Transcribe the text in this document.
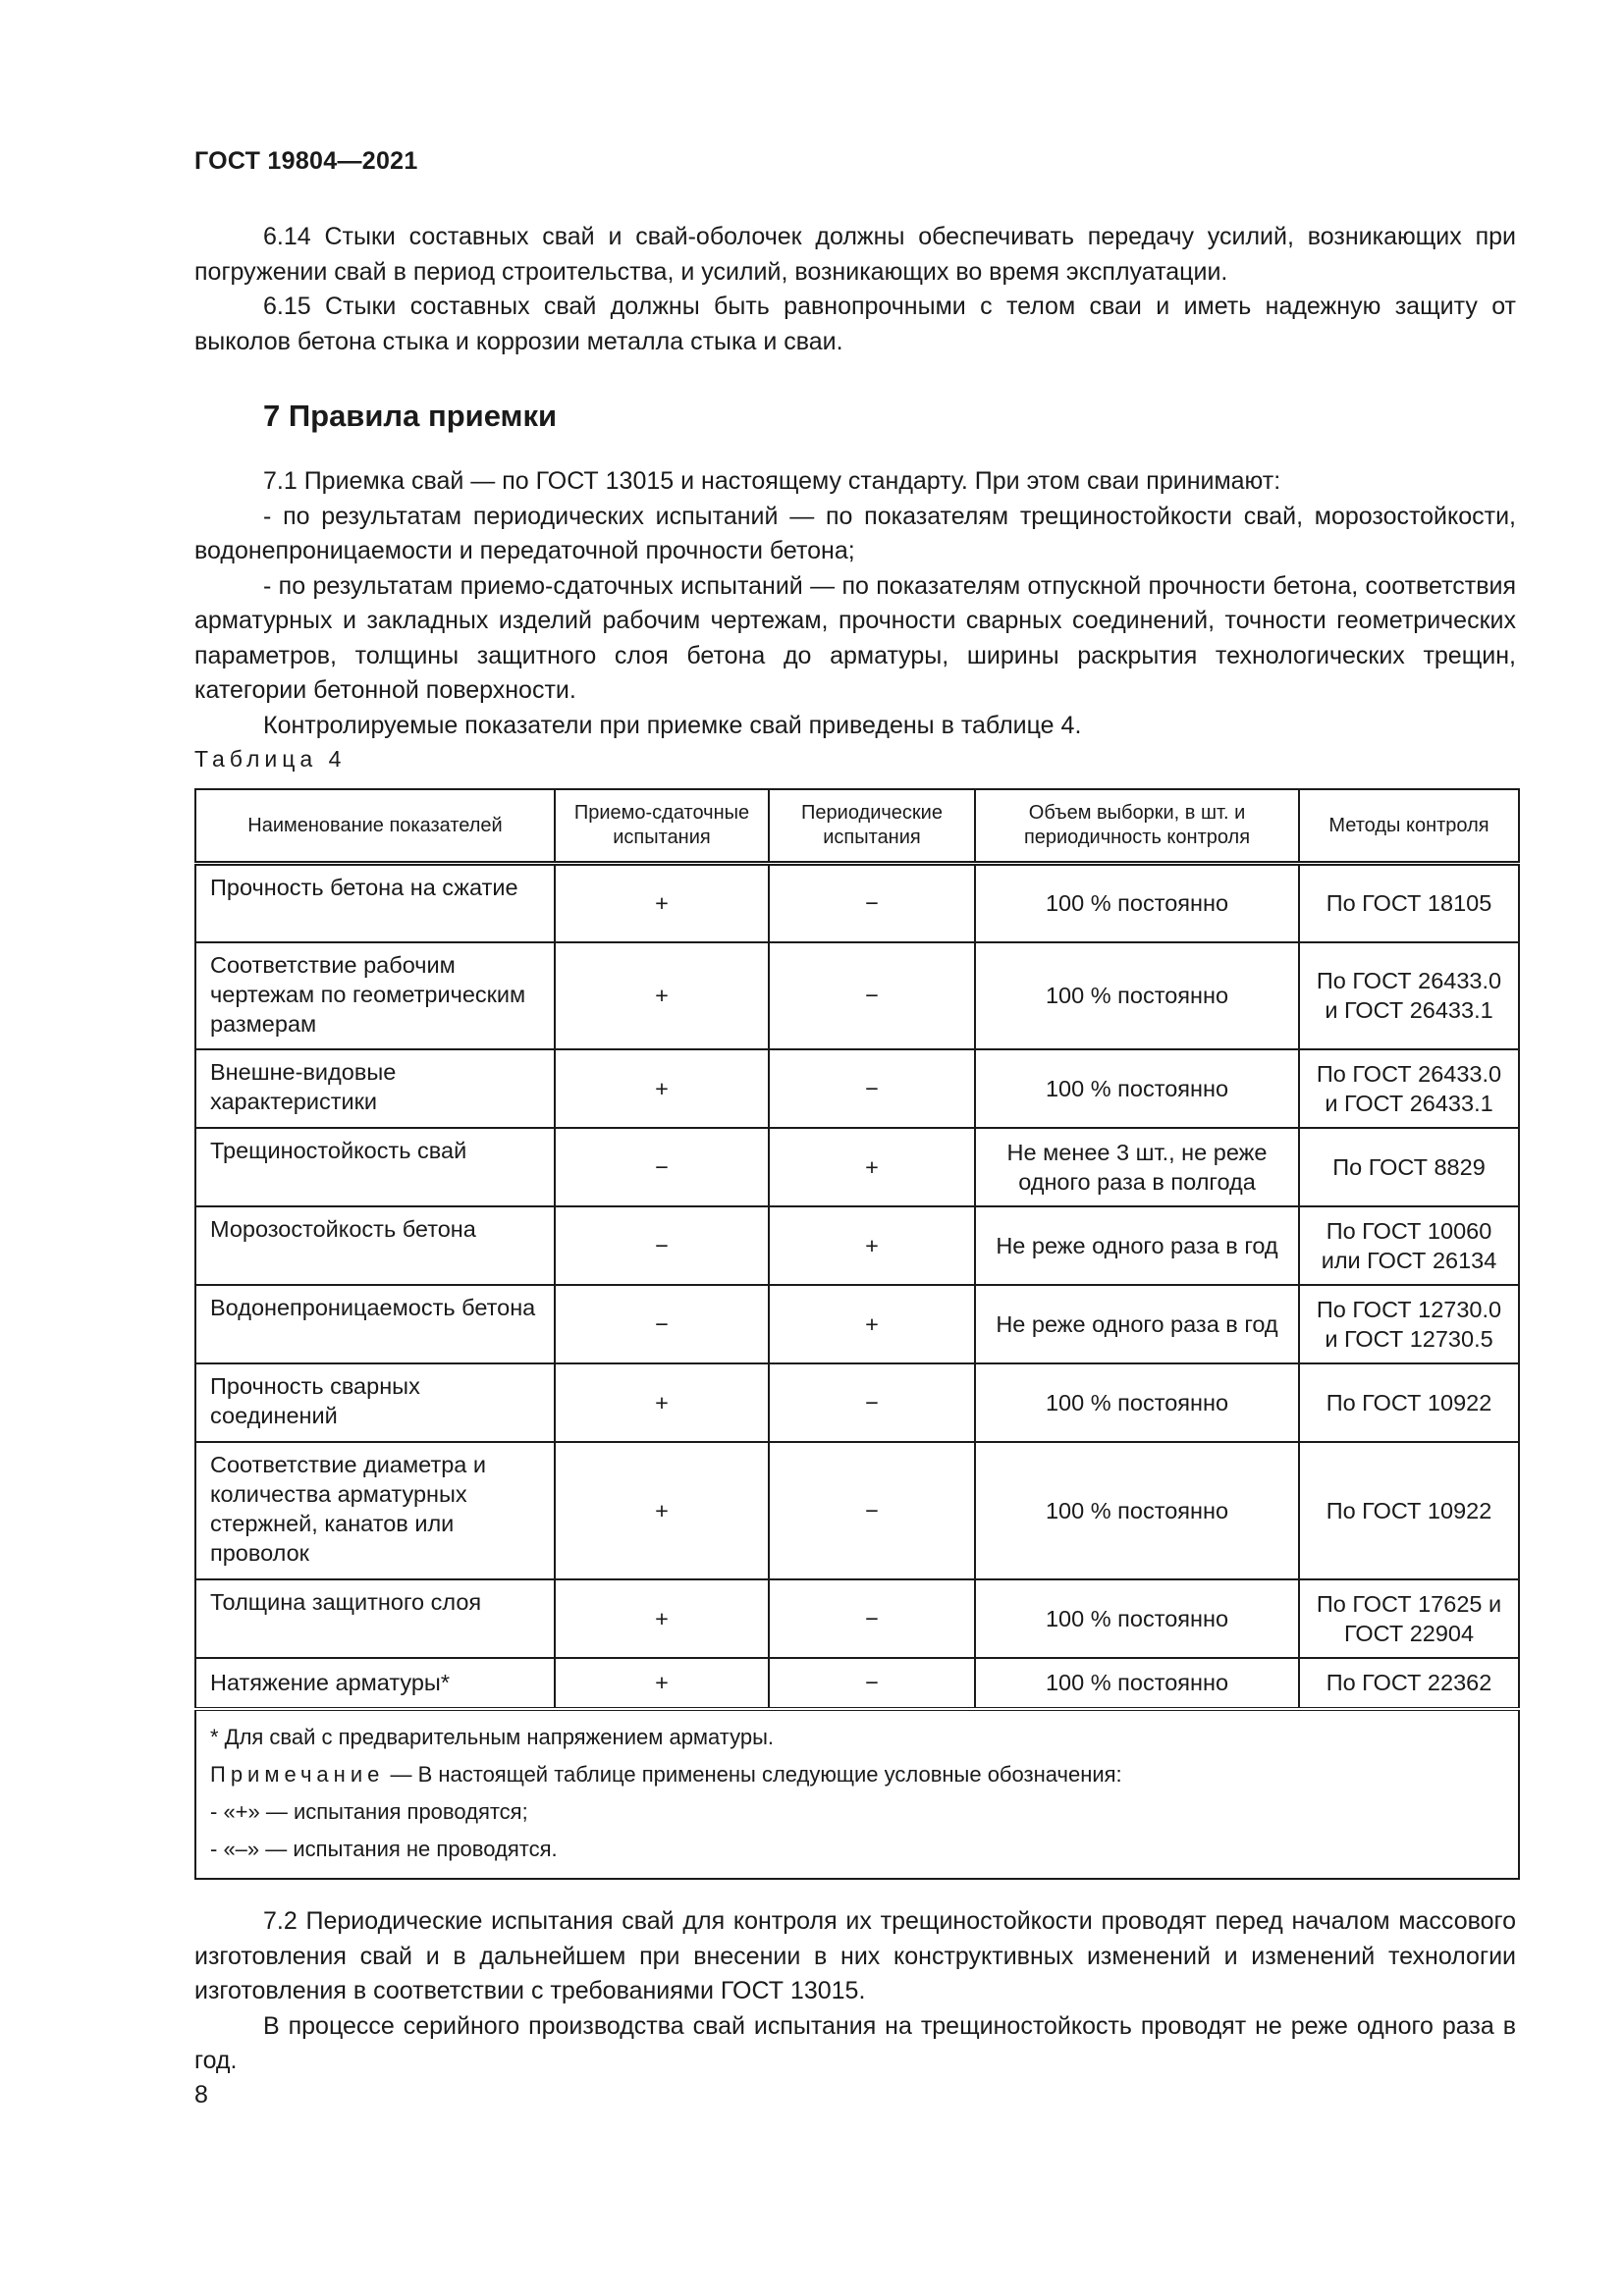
ГОСТ 19804—2021

6.14 Стыки составных свай и свай-оболочек должны обеспечивать передачу усилий, возникающих при погружении свай в период строительства, и усилий, возникающих во время эксплуатации.

6.15 Стыки составных свай должны быть равнопрочными с телом сваи и иметь надежную защиту от выколов бетона стыка и коррозии металла стыка и сваи.

7 Правила приемки

7.1 Приемка свай — по ГОСТ 13015 и настоящему стандарту. При этом сваи принимают:

- по результатам периодических испытаний — по показателям трещиностойкости свай, морозостойкости, водонепроницаемости и передаточной прочности бетона;

- по результатам приемо-сдаточных испытаний — по показателям отпускной прочности бетона, соответствия арматурных и закладных изделий рабочим чертежам, прочности сварных соединений, точности геометрических параметров, толщины защитного слоя бетона до арматуры, ширины раскрытия технологических трещин, категории бетонной поверхности.

Контролируемые показатели при приемке свай приведены в таблице 4.

Таблица 4
Наименование показателей	Приемо-сдаточные испытания	Периодические испытания	Объем выборки, в шт. и периодичность контроля	Методы контроля
Прочность бетона на сжатие	+	−	100 % постоянно	По ГОСТ 18105
Соответствие рабочим чертежам по геометрическим размерам	+	−	100 % постоянно	По ГОСТ 26433.0 и ГОСТ 26433.1
Внешне-видовые характеристики	+	−	100 % постоянно	По ГОСТ 26433.0 и ГОСТ 26433.1
Трещиностойкость свай	−	+	Не менее 3 шт., не реже одного раза в полгода	По ГОСТ 8829
Морозостойкость бетона	−	+	Не реже одного раза в год	По ГОСТ 10060 или ГОСТ 26134
Водонепроницаемость бетона	−	+	Не реже одного раза в год	По ГОСТ 12730.0 и ГОСТ 12730.5
Прочность сварных соединений	+	−	100 % постоянно	По ГОСТ 10922
Соответствие диаметра и количества арматурных стержней, канатов или проволок	+	−	100 % постоянно	По ГОСТ 10922
Толщина защитного слоя	+	−	100 % постоянно	По ГОСТ 17625 и ГОСТ 22904
Натяжение арматуры*	+	−	100 % постоянно	По ГОСТ 22362

* Для свай с предварительным напряжением арматуры.
Примечание — В настоящей таблице применены следующие условные обозначения:
- «+» — испытания проводятся;
- «–» — испытания не проводятся.				

7.2 Периодические испытания свай для контроля их трещиностойкости проводят перед началом массового изготовления свай и в дальнейшем при внесении в них конструктивных изменений и изменений технологии изготовления в соответствии с требованиями ГОСТ 13015.

В процессе серийного производства свай испытания на трещиностойкость проводят не реже одного раза в год.

8
